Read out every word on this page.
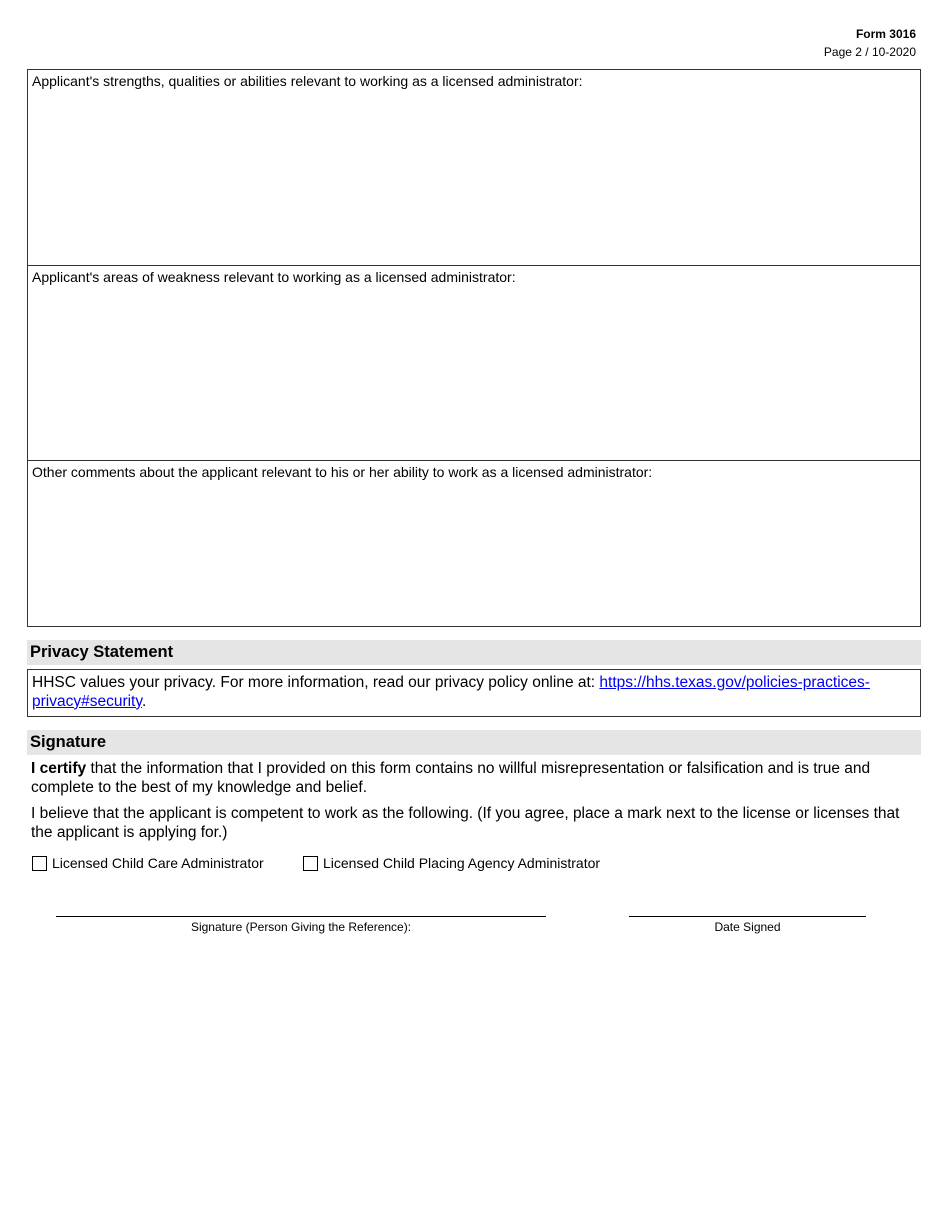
Form 3016
Page 2 / 10-2020
Applicant's strengths, qualities or abilities relevant to working as a licensed administrator:
Applicant's areas of weakness relevant to working as a licensed administrator:
Other comments about the applicant relevant to his or her ability to work as a licensed administrator:
Privacy Statement
HHSC values your privacy. For more information, read our privacy policy online at: https://hhs.texas.gov/policies-practices-privacy#security.
Signature
I certify that the information that I provided on this form contains no willful misrepresentation or falsification and is true and complete to the best of my knowledge and belief.
I believe that the applicant is competent to work as the following. (If you agree, place a mark next to the license or licenses that the applicant is applying for.)
Licensed Child Care Administrator	Licensed Child Placing Agency Administrator
Signature (Person Giving the Reference):	Date Signed
